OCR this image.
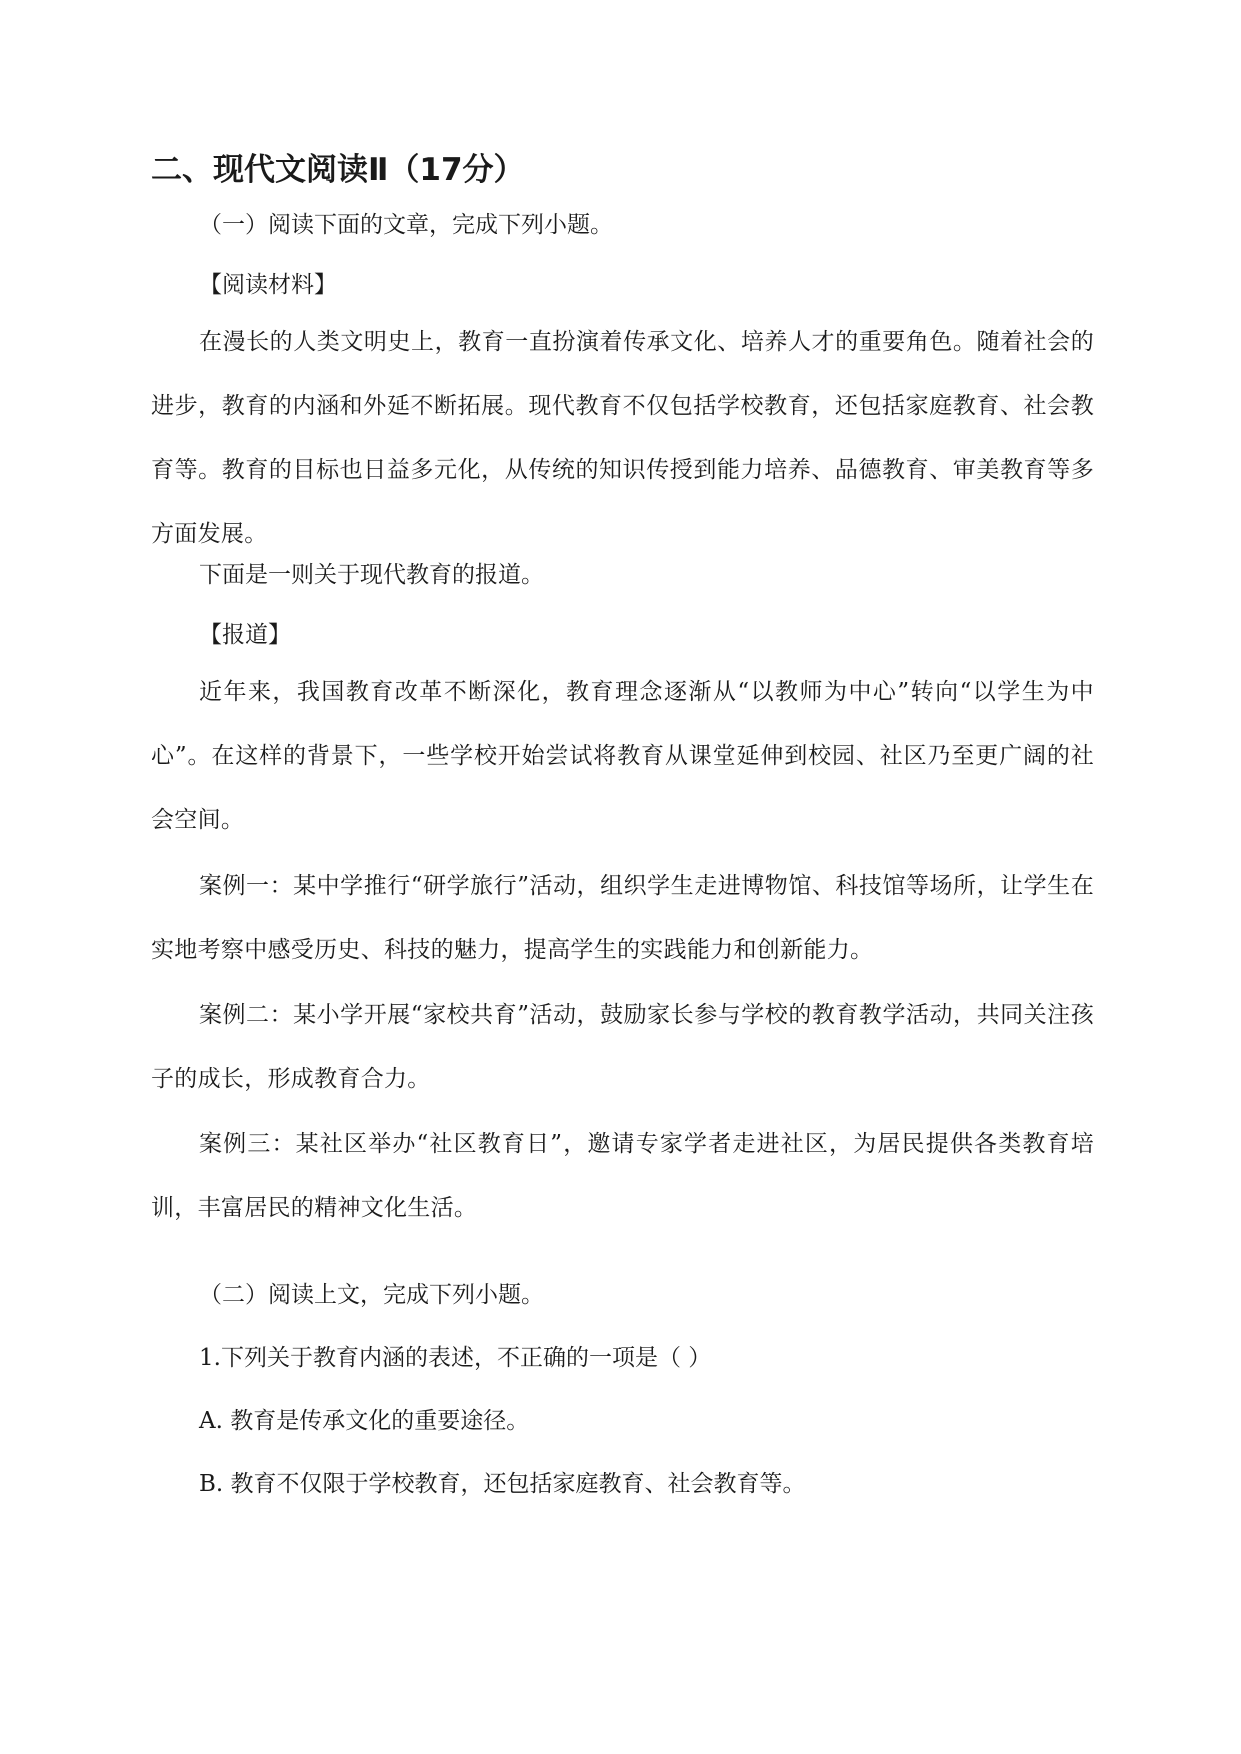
二、现代文阅读Ⅱ（17分）
（一）阅读下面的文章，完成下列小题。
【阅读材料】
在漫长的人类文明史上，教育一直扮演着传承文化、培养人才的重要角色。随着社会的进步，教育的内涵和外延不断拓展。现代教育不仅包括学校教育，还包括家庭教育、社会教育等。教育的目标也日益多元化，从传统的知识传授到能力培养、品德教育、审美教育等多方面发展。
下面是一则关于现代教育的报道。
【报道】
近年来，我国教育改革不断深化，教育理念逐渐从“以教师为中心”转向“以学生为中心”。在这样的背景下，一些学校开始尝试将教育从课堂延伸到校园、社区乃至更广阔的社会空间。
案例一：某中学推行“研学旅行”活动，组织学生走进博物馆、科技馆等场所，让学生在实地考察中感受历史、科技的魅力，提高学生的实践能力和创新能力。
案例二：某小学开展“家校共育”活动，鼓励家长参与学校的教育教学活动，共同关注孩子的成长，形成教育合力。
案例三：某社区举办“社区教育日”，邀请专家学者走进社区，为居民提供各类教育培训，丰富居民的精神文化生活。
（二）阅读上文，完成下列小题。
1.下列关于教育内涵的表述，不正确的一项是（ ）
A. 教育是传承文化的重要途径。
B. 教育不仅限于学校教育，还包括家庭教育、社会教育等。
